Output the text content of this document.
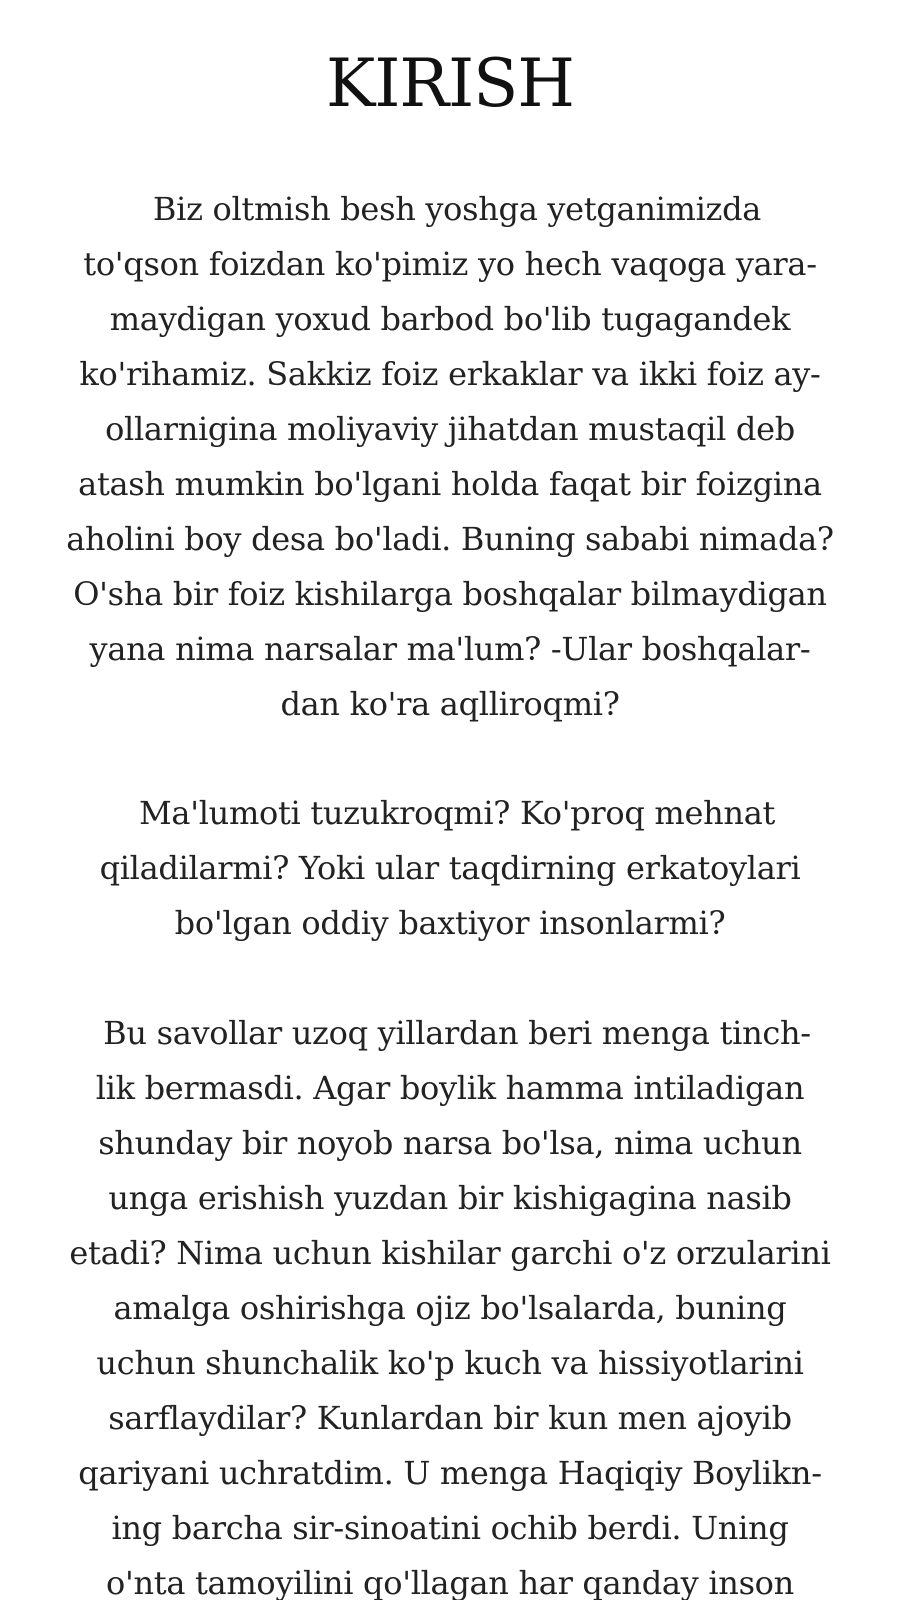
KIRISH
Biz oltmish besh yoshga yetganimizda
to'qson foizdan ko'pimiz yo hech vaqoga yara-
maydigan yoxud barbod bo'lib tugagandek
ko'rihamiz. Sakkiz foiz erkaklar va ikki foiz ay-
ollarnigina moliyaviy jihatdan mustaqil deb
atash mumkin bo'lgani holda faqat bir foizgina
aholini boy desa bo'ladi. Buning sababi nimada?
O'sha bir foiz kishilarga boshqalar bilmaydigan
yana nima narsalar ma'lum? -Ular boshqalar-
dan ko'ra aqlliroqmi?
Ma'lumoti tuzukroqmi? Ko'proq mehnat
qiladilarmi? Yoki ular taqdirning erkatoylari
bo'lgan oddiy baxtiyor insonlarmi?
Bu savollar uzoq yillardan beri menga tinch-
lik bermasdi. Agar boylik hamma intiladigan
shunday bir noyob narsa bo'lsa, nima uchun
unga erishish yuzdan bir kishigagina nasib
etadi? Nima uchun kishilar garchi o'z orzularini
amalga oshirishga ojiz bo'lsalarda, buning
uchun shunchalik ko'p kuch va hissiyotlarini
sarflaydilar? Kunlardan bir kun men ajoyib
qariyani uchratdim. U menga Haqiqiy Boylikn-
ing barcha sir-sinoatini ochib berdi. Uning
o'nta tamoyilini qo'llagan har qanday inson
